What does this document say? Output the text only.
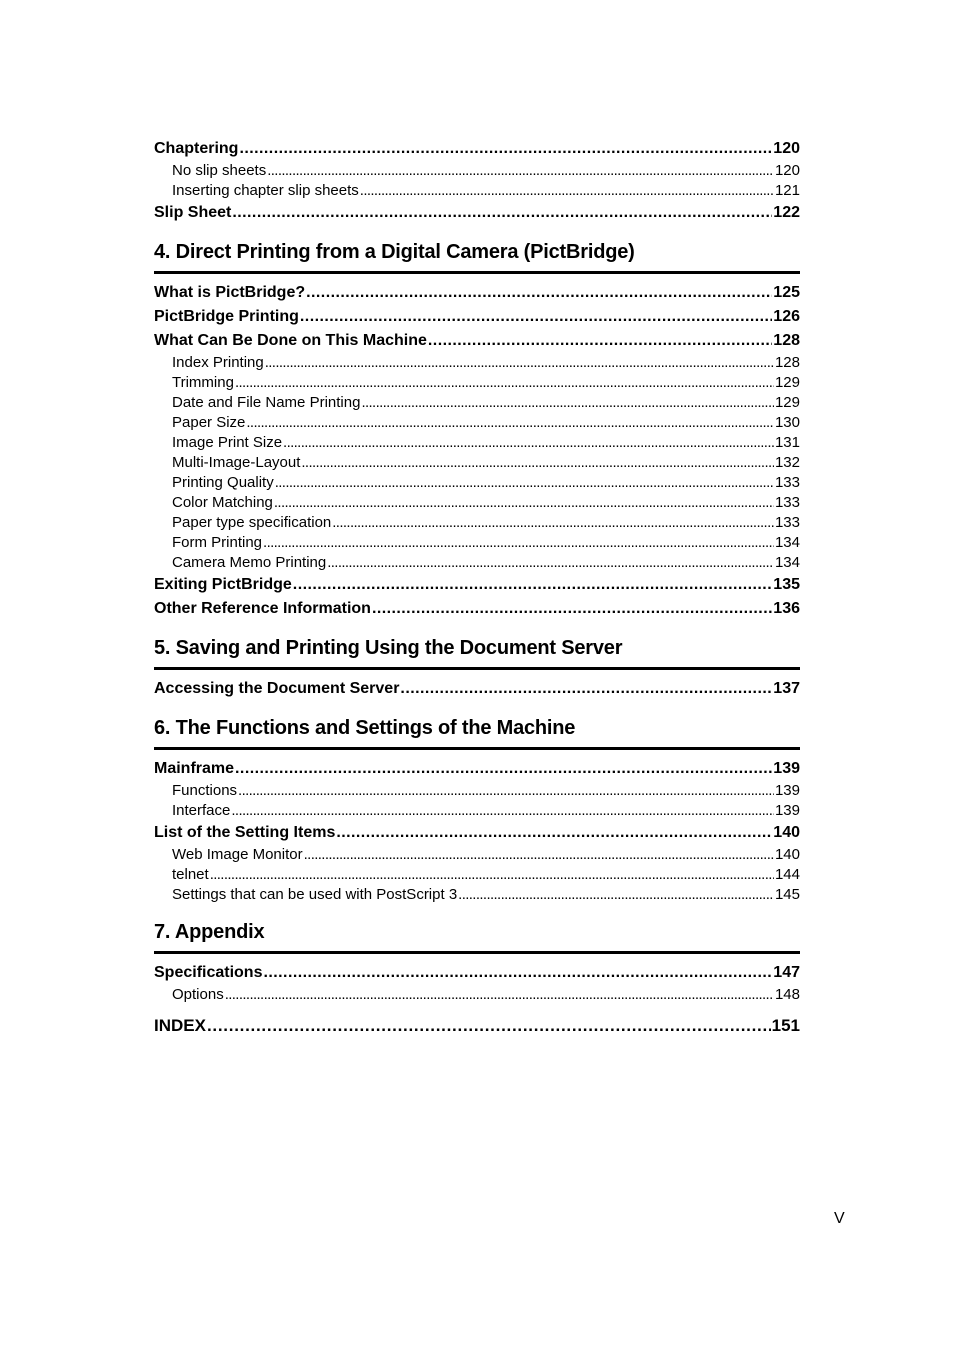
Chaptering . . .	120
No slip sheets . . .	120
Inserting chapter slip sheets . . .	121
Slip Sheet . . .	122
4. Direct Printing from a Digital Camera (PictBridge)
What is PictBridge? . . .	125
PictBridge Printing . . .	126
What Can Be Done on This Machine . . .	128
Index Printing . . .	128
Trimming . . .	129
Date and File Name Printing . . .	129
Paper Size . . .	130
Image Print Size . . .	131
Multi-Image-Layout . . .	132
Printing Quality . . .	133
Color Matching . . .	133
Paper type specification . . .	133
Form Printing . . .	134
Camera Memo Printing . . .	134
Exiting PictBridge . . .	135
Other Reference Information . . .	136
5. Saving and Printing Using the Document Server
Accessing the Document Server . . .	137
6. The Functions and Settings of the Machine
Mainframe . . .	139
Functions . . .	139
Interface . . .	139
List of the Setting Items . . .	140
Web Image Monitor . . .	140
telnet . . .	144
Settings that can be used with PostScript 3 . . .	145
7. Appendix
Specifications . . .	147
Options . . .	148
INDEX . . .	151
V
